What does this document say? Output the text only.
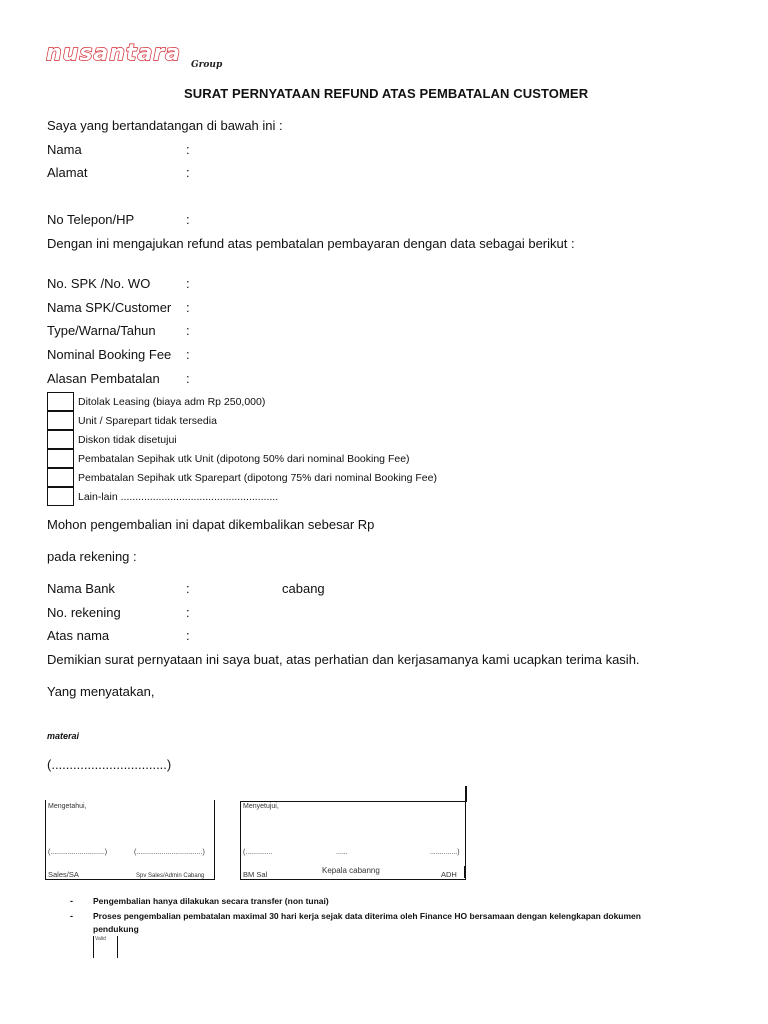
nusantara Group
SURAT PERNYATAAN REFUND ATAS PEMBATALAN CUSTOMER
Saya yang bertandatangan di bawah ini :
Nama	:
Alamat	:
No Telepon/HP	:
Dengan ini mengajukan refund atas pembatalan pembayaran dengan data sebagai berikut :
No. SPK /No. WO	:
Nama SPK/Customer :
Type/Warna/Tahun :
Nominal Booking Fee :
Alasan Pembatalan :
Ditolak Leasing (biaya adm Rp 250,000)
Unit / Sparepart tidak tersedia
Diskon tidak disetujui
Pembatalan Sepihak utk Unit (dipotong 50% dari nominal Booking Fee)
Pembatalan Sepihak utk Sparepart (dipotong 75% dari nominal Booking Fee)
Lain-lain ......................................................
Mohon pengembalian ini dapat dikembalikan sebesar Rp
pada rekening :
Nama Bank	:	cabang
No. rekening	:
Atas nama	:
Demikian surat pernyataan ini saya buat, atas perhatian dan kerjasamanya kami ucapkan terima kasih.
Yang menyatakan,
materai
(................................)
Mengetahui,
(............................)	(..................................)
Sales/SA	Spv Sales/Admin Cabang
Menyetujui,
(..............	......	..............)
BM Sal	Kepala cabanng	ADH
- Pengembalian hanya dilakukan secara transfer (non tunai)
- Proses pengembalian pembatalan maximal 30 hari kerja sejak data diterima oleh Finance HO bersamaan dengan kelengkapan dokumen
pendukung
Valid
